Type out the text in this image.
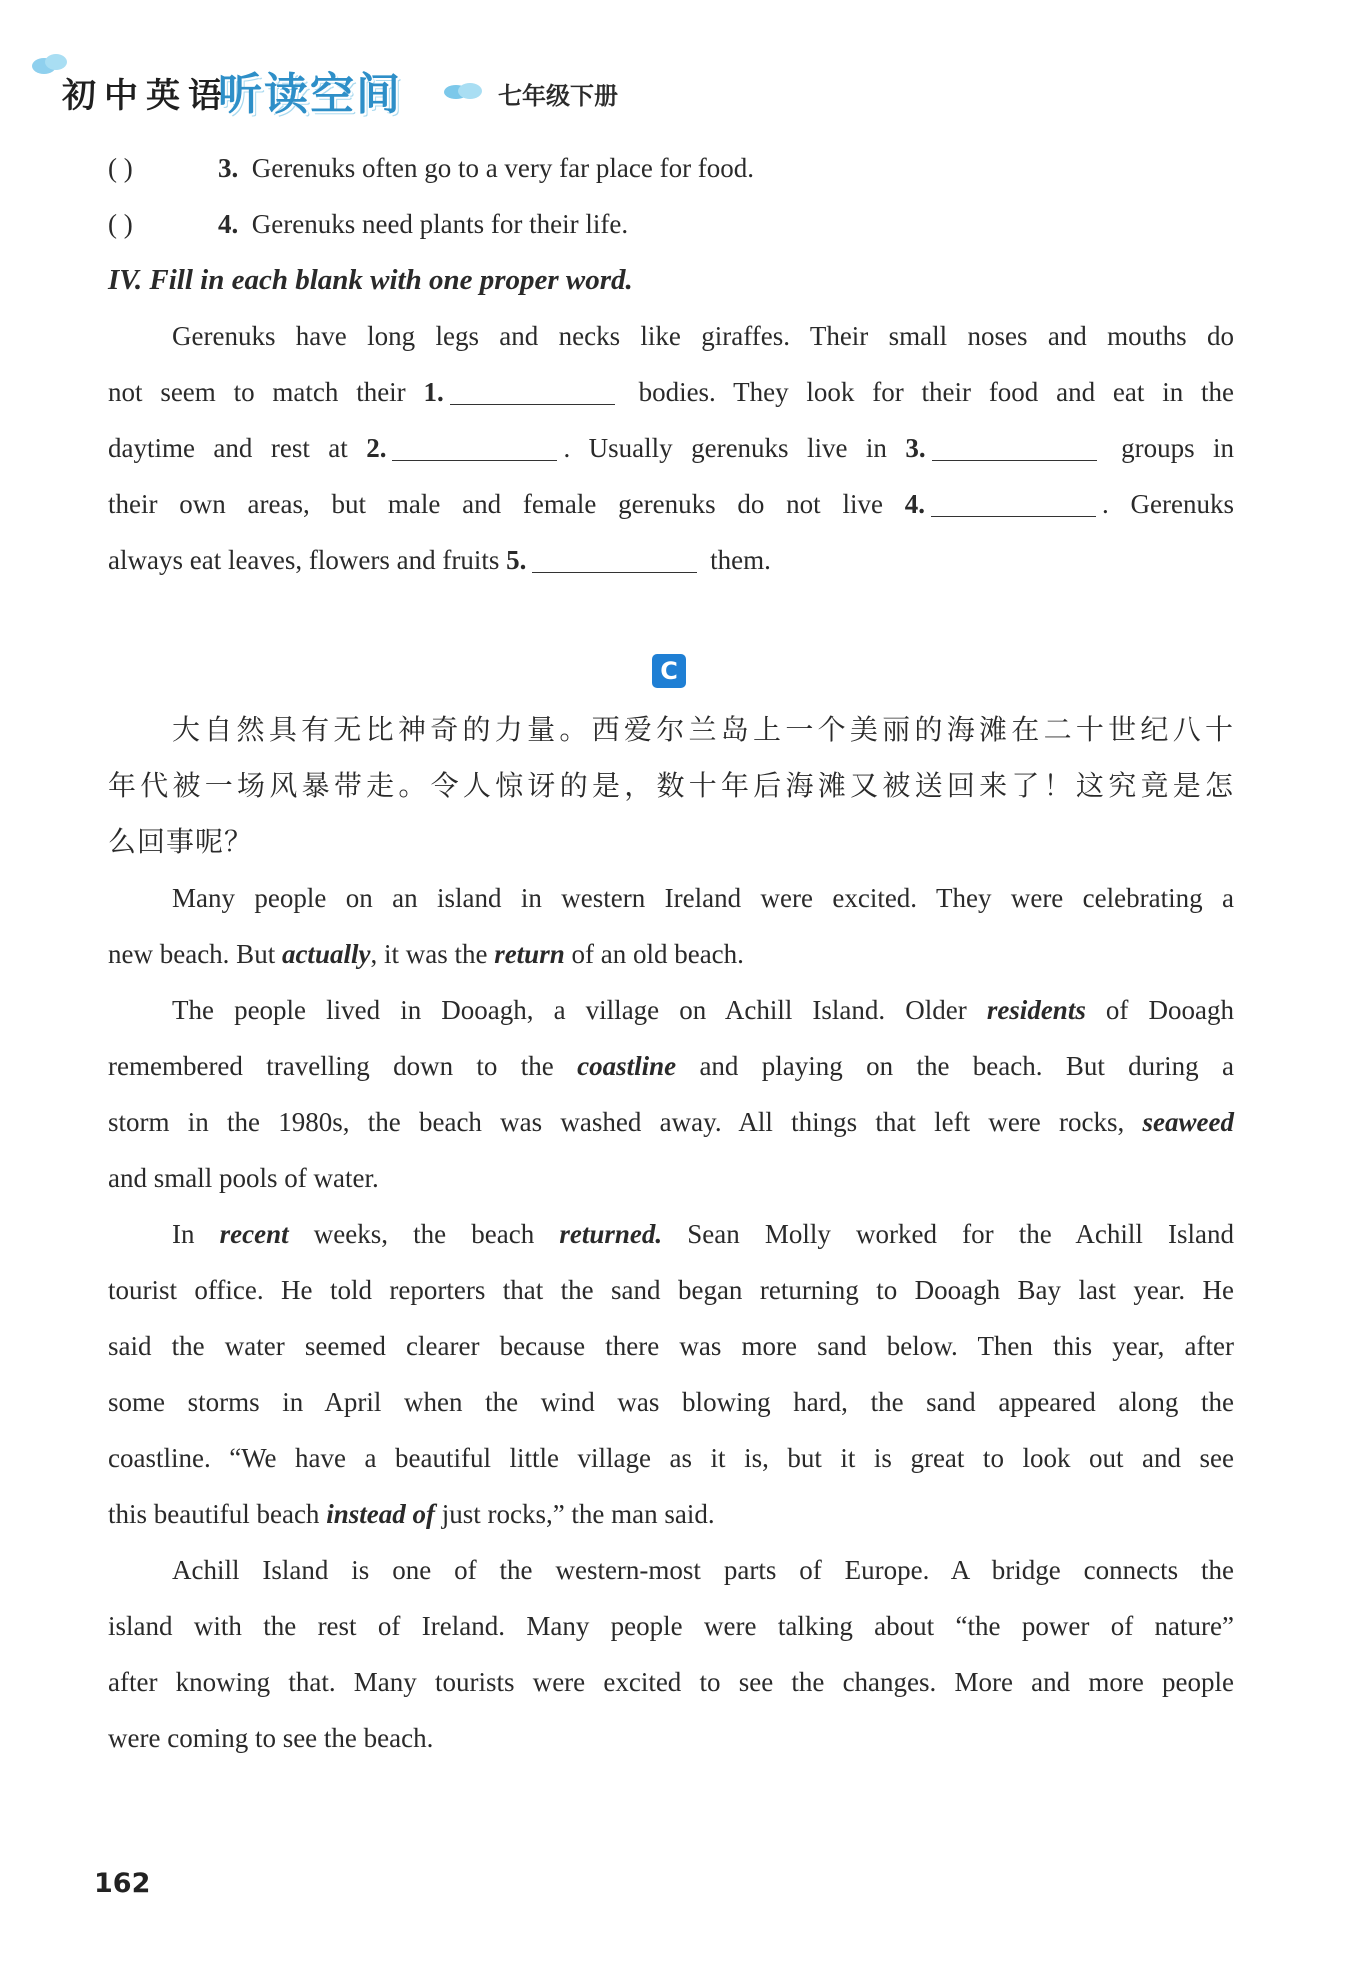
初中英语
听读空间	七年级下册
( )	3. Gerenuks often go to a very far place for food.
( )	4. Gerenuks need plants for their life.
IV. Fill in each blank with one proper word.
Gerenuks have long legs and necks like giraffes. Their small noses and mouths do
not seem to match their 1.	bodies. They look for their food and eat in the
daytime and rest at 2.	. Usually gerenuks live in 3.	groups in
their own areas, but male and female gerenuks do not live 4.	. Gerenuks
always eat leaves, flowers and fruits 5.	them.
大自然具有无比神奇的力量。西爱尔兰岛上一个美丽的海滩在二十世纪八十
年代被一场风暴带走。令人惊讶的是，数十年后海滩又被送回来了！这究竟是怎
么回事呢？
Many people on an island in western Ireland were excited. They were celebrating a
new beach. But actually, it was the return of an old beach.
The people lived in Dooagh, a village on Achill Island. Older residents of Dooagh
remembered travelling down to the coastline and playing on the beach. But during a
storm in the 1980s, the beach was washed away. All things that left were rocks, seaweed
and small pools of water.
In recent weeks, the beach returned. Sean Molly worked for the Achill Island
tourist office. He told reporters that the sand began returning to Dooagh Bay last year. He
said the water seemed clearer because there was more sand below. Then this year, after
some storms in April when the wind was blowing hard, the sand appeared along the
coastline. “We have a beautiful little village as it is, but it is great to look out and see
this beautiful beach instead of just rocks,” the man said.
Achill Island is one of the western-most parts of Europe. A bridge connects the
island with the rest of Ireland. Many people were talking about “the power of nature”
after knowing that. Many tourists were excited to see the changes. More and more people
were coming to see the beach.
C
162
